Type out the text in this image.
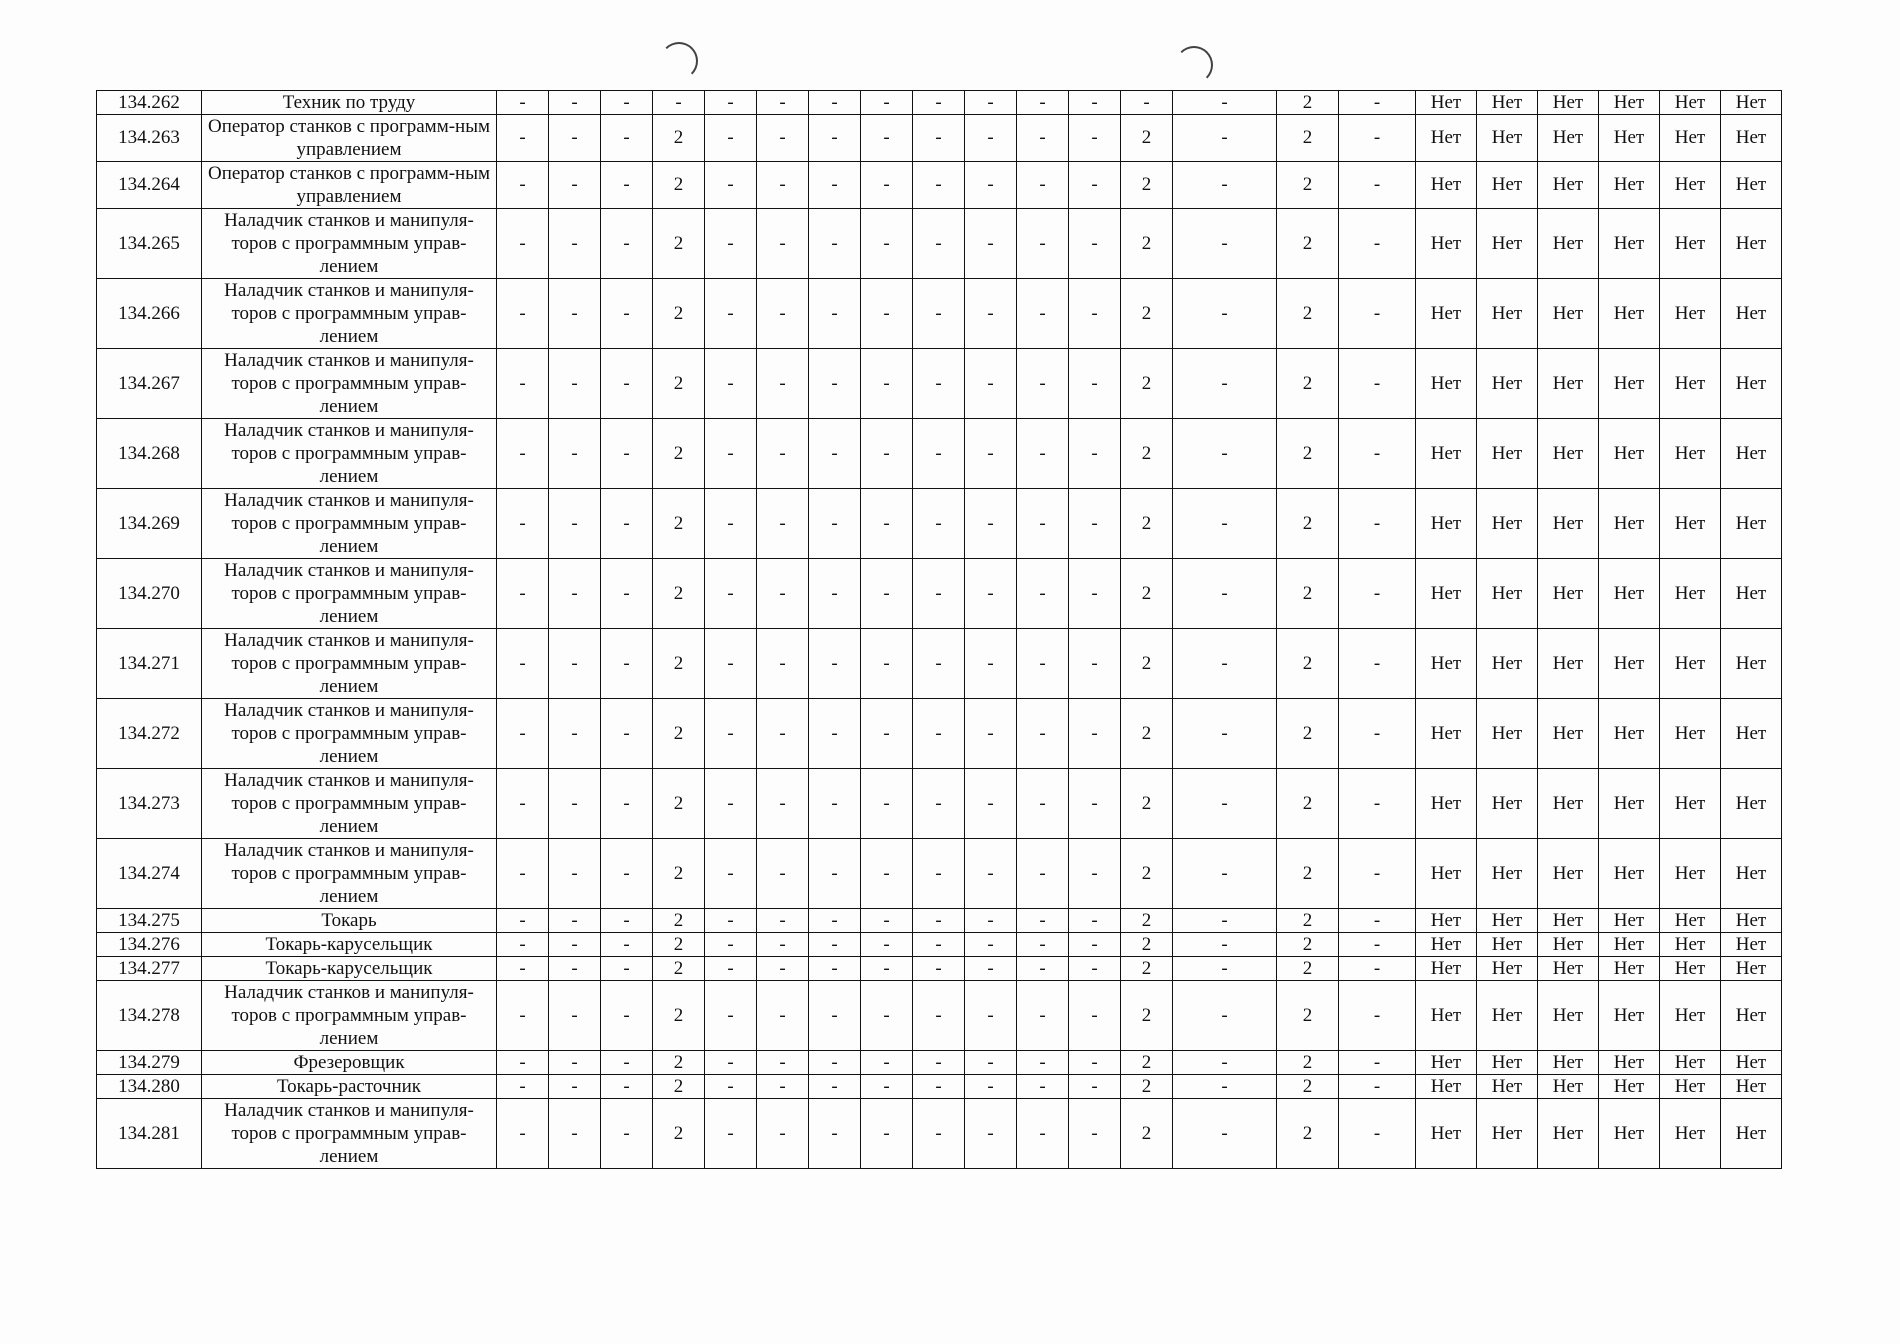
134.262	Техник по труду	-	-	-	-	-	-	-	-	-	-	-	-	-	-	2	-	Нет	Нет	Нет	Нет	Нет	Нет
134.263	Оператор станков с программ-ным управлением	-	-	-	2	-	-	-	-	-	-	-	-	2	-	2	-	Нет	Нет	Нет	Нет	Нет	Нет
134.264	Оператор станков с программ-ным управлением	-	-	-	2	-	-	-	-	-	-	-	-	2	-	2	-	Нет	Нет	Нет	Нет	Нет	Нет
134.265	Наладчик станков и манипуля-торов с программным управ-лением	-	-	-	2	-	-	-	-	-	-	-	-	2	-	2	-	Нет	Нет	Нет	Нет	Нет	Нет
134.266	Наладчик станков и манипуля-торов с программным управ-лением	-	-	-	2	-	-	-	-	-	-	-	-	2	-	2	-	Нет	Нет	Нет	Нет	Нет	Нет
134.267	Наладчик станков и манипуля-торов с программным управ-лением	-	-	-	2	-	-	-	-	-	-	-	-	2	-	2	-	Нет	Нет	Нет	Нет	Нет	Нет
134.268	Наладчик станков и манипуля-торов с программным управ-лением	-	-	-	2	-	-	-	-	-	-	-	-	2	-	2	-	Нет	Нет	Нет	Нет	Нет	Нет
134.269	Наладчик станков и манипуля-торов с программным управ-лением	-	-	-	2	-	-	-	-	-	-	-	-	2	-	2	-	Нет	Нет	Нет	Нет	Нет	Нет
134.270	Наладчик станков и манипуля-торов с программным управ-лением	-	-	-	2	-	-	-	-	-	-	-	-	2	-	2	-	Нет	Нет	Нет	Нет	Нет	Нет
134.271	Наладчик станков и манипуля-торов с программным управ-лением	-	-	-	2	-	-	-	-	-	-	-	-	2	-	2	-	Нет	Нет	Нет	Нет	Нет	Нет
134.272	Наладчик станков и манипуля-торов с программным управ-лением	-	-	-	2	-	-	-	-	-	-	-	-	2	-	2	-	Нет	Нет	Нет	Нет	Нет	Нет
134.273	Наладчик станков и манипуля-торов с программным управ-лением	-	-	-	2	-	-	-	-	-	-	-	-	2	-	2	-	Нет	Нет	Нет	Нет	Нет	Нет
134.274	Наладчик станков и манипуля-торов с программным управ-лением	-	-	-	2	-	-	-	-	-	-	-	-	2	-	2	-	Нет	Нет	Нет	Нет	Нет	Нет
134.275	Токарь	-	-	-	2	-	-	-	-	-	-	-	-	2	-	2	-	Нет	Нет	Нет	Нет	Нет	Нет
134.276	Токарь-карусельщик	-	-	-	2	-	-	-	-	-	-	-	-	2	-	2	-	Нет	Нет	Нет	Нет	Нет	Нет
134.277	Токарь-карусельщик	-	-	-	2	-	-	-	-	-	-	-	-	2	-	2	-	Нет	Нет	Нет	Нет	Нет	Нет
134.278	Наладчик станков и манипуля-торов с программным управ-лением	-	-	-	2	-	-	-	-	-	-	-	-	2	-	2	-	Нет	Нет	Нет	Нет	Нет	Нет
134.279	Фрезеровщик	-	-	-	2	-	-	-	-	-	-	-	-	2	-	2	-	Нет	Нет	Нет	Нет	Нет	Нет
134.280	Токарь-расточник	-	-	-	2	-	-	-	-	-	-	-	-	2	-	2	-	Нет	Нет	Нет	Нет	Нет	Нет
134.281	Наладчик станков и манипуля-торов с программным управ-лением	-	-	-	2	-	-	-	-	-	-	-	-	2	-	2	-	Нет	Нет	Нет	Нет	Нет	Нет
